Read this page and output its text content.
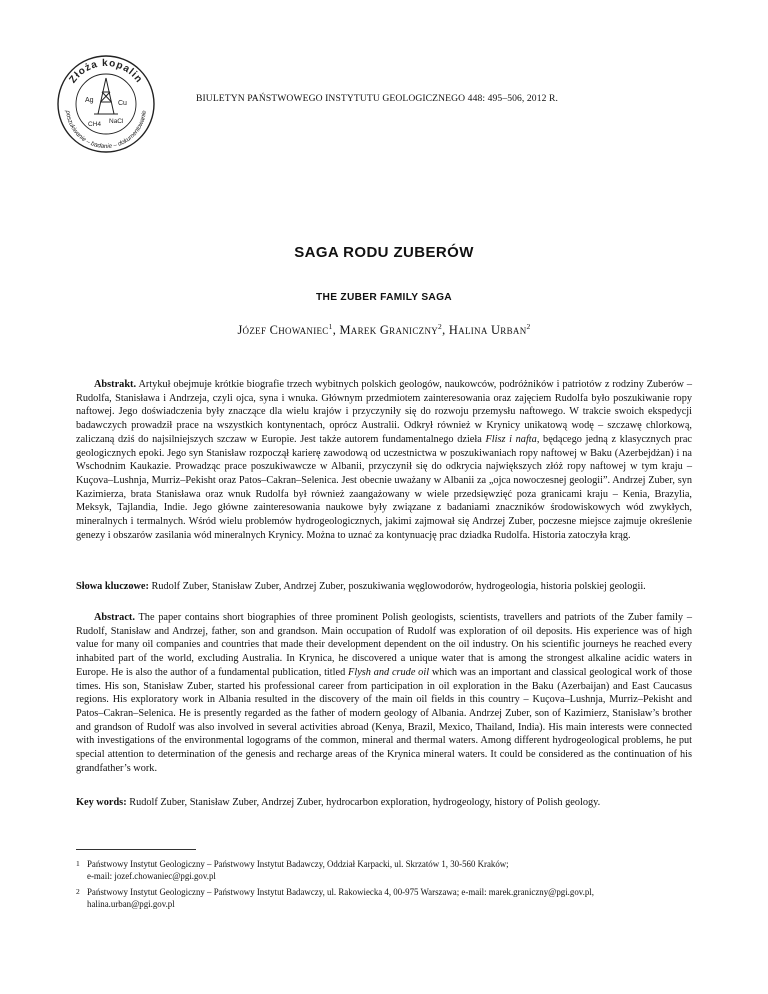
Złoża kopalin
poszukiwanie – badanie – dokumentowanie
Cu
Ag
NaCl
CH4
BIULETYN PAŃSTWOWEGO INSTYTUTU GEOLOGICZNEGO 448: 495–506, 2012 R.
SAGA RODU ZUBERÓW
THE ZUBER FAMILY SAGA
Józef Chowaniec$^1$, Marek Graniczny$^2$, Halina Urban$^2$

Abstrakt. Artykuł obejmuje krótkie biografie trzech wybitnych polskich geologów, naukowców, podróżników i patriotów z rodziny Zuberów – Rudolfa, Stanisława i Andrzeja, czyli ojca, syna i wnuka. Głównym przedmiotem zainteresowania oraz zajęciem Rudolfa było poszukiwanie ropy naftowej. Jego doświadczenia były znaczące dla wielu krajów i przyczyniły się do rozwoju przemysłu naftowego. W trakcie swoich ekspedycji badawczych prowadził prace na wszystkich kontynentach, oprócz Australii. Odkrył również w Krynicy unikatową wodę – szczawę chlorkową, zaliczaną dziś do najsilniejszych szczaw w Europie. Jest także autorem fundamentalnego dzieła Flisz i nafta, będącego jedną z klasycznych prac geologicznych epoki. Jego syn Stanisław rozpoczął karierę zawodową od uczestnictwa w poszukiwaniach ropy naftowej w Baku (Azerbejdżan) i na Wschodnim Kaukazie. Prowadząc prace poszukiwawcze w Albanii, przyczynił się do odkrycia największych złóż ropy naftowej w tym kraju – Kuçova–Lushnja, Murriz–Pekisht oraz Patos–Cakran–Selenica. Jest obecnie uważany w Albanii za „ojca nowoczesnej geologii”. Andrzej Zuber, syn Kazimierza, brata Stanisława oraz wnuk Rudolfa był również zaangażowany w wiele przedsięwzięć poza granicami kraju – Kenia, Brazylia, Meksyk, Tajlandia, Indie. Jego główne zainteresowania naukowe były związane z badaniami znaczników środowiskowych wód zwykłych, mineralnych i termalnych. Wśród wielu problemów hydrogeologicznych, jakimi zajmował się Andrzej Zuber, poczesne miejsce zajmuje określenie genezy i obszarów zasilania wód mineralnych Krynicy. Można to uznać za kontynuację prac dziadka Rudolfa. Historia zatoczyła krąg.

Słowa kluczowe: Rudolf Zuber, Stanisław Zuber, Andrzej Zuber, poszukiwania węglowodorów, hydrogeologia, historia polskiej geologii.

Abstract. The paper contains short biographies of three prominent Polish geologists, scientists, travellers and patriots of the Zuber family – Rudolf, Stanisław and Andrzej, father, son and grandson. Main occupation of Rudolf was exploration of oil deposits. His experience was of high value for many oil companies and countries that made their development dependent on the oil industry. On his scientific journeys he reached every inhabited part of the world, excluding Australia. In Krynica, he discovered a unique water that is among the strongest alkaline acidic waters in Europe. He is also the author of a fundamental publication, titled Flysh and crude oil which was an important and classical geological work of those times. His son, Stanisław Zuber, started his professional career from participation in oil exploration in the Baku (Azerbaijan) and East Caucasus regions. His exploratory work in Albania resulted in the discovery of the main oil fields in this country – Kuçova–Lushnja, Murriz–Pekisht and Patos–Cakran–Selenica. He is presently regarded as the father of modern geology of Albania. Andrzej Zuber, son of Kazimierz, Stanisław’s brother and grandson of Rudolf was also involved in several activities abroad (Kenya, Brazil, Mexico, Thailand, India). His main interests were connected with investigations of the environmental logograms of the common, mineral and thermal waters. Among different hydrogeological problems, he put special attention to determination of the genesis and recharge areas of the Krynica mineral waters. It could be considered as the continuation of his grandfather’s work.

Key words: Rudolf Zuber, Stanisław Zuber, Andrzej Zuber, hydrocarbon exploration, hydrogeology, history of Polish geology.

1 Państwowy Instytut Geologiczny – Państwowy Instytut Badawczy, Oddział Karpacki, ul. Skrzatów 1, 30-560 Kraków;
e-mail: jozef.chowaniec@pgi.gov.pl
2 Państwowy Instytut Geologiczny – Państwowy Instytut Badawczy, ul. Rakowiecka 4, 00-975 Warszawa; e-mail: marek.graniczny@pgi.gov.pl,
halina.urban@pgi.gov.pl
